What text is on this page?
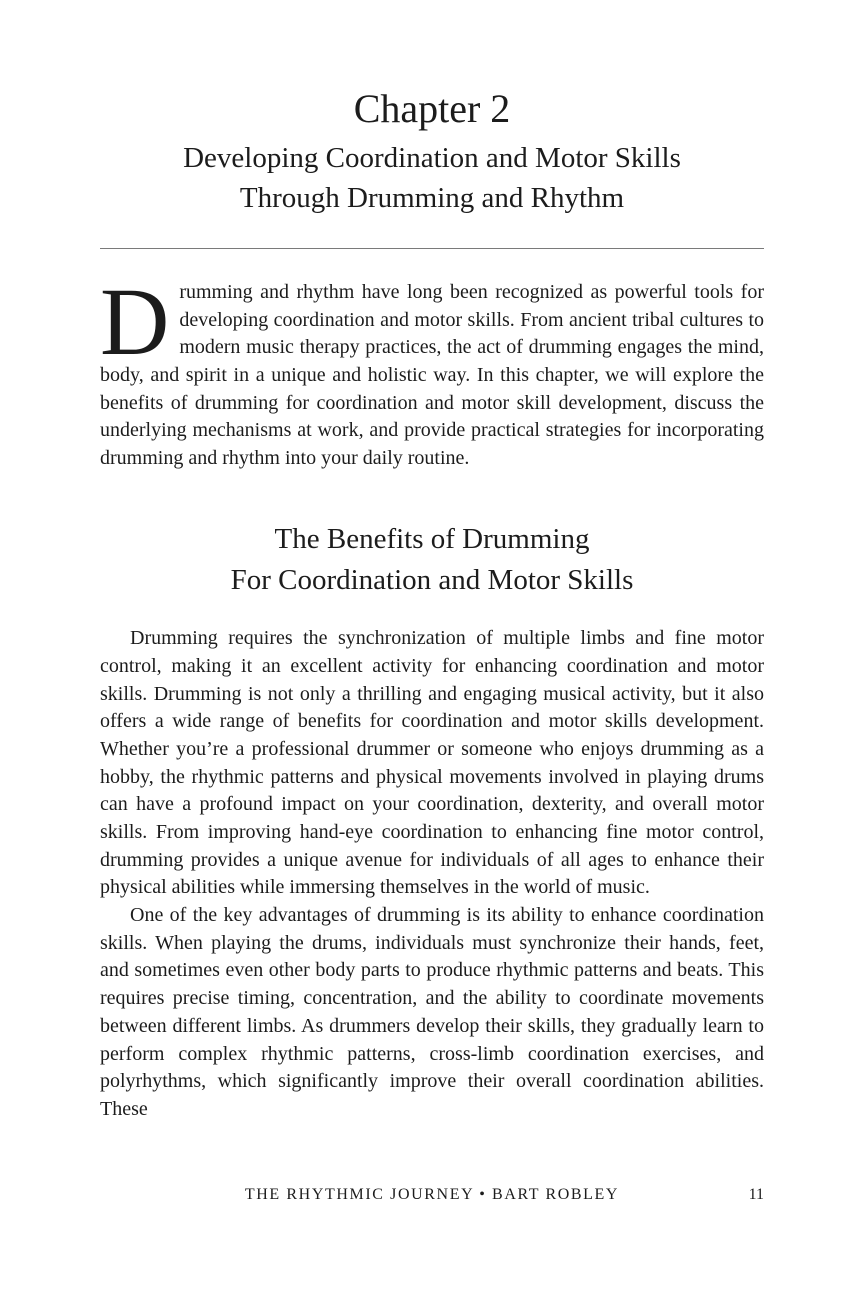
Chapter 2
Developing Coordination and Motor Skills
Through Drumming and Rhythm

Drumming and rhythm have long been recognized as powerful tools for developing coordination and motor skills. From ancient tribal cultures to modern music therapy practices, the act of drumming engages the mind, body, and spirit in a unique and holistic way. In this chapter, we will explore the benefits of drumming for coordination and motor skill development, discuss the underlying mechanisms at work, and provide practical strategies for incorporating drumming and rhythm into your daily routine.

The Benefits of Drumming
For Coordination and Motor Skills

Drumming requires the synchronization of multiple limbs and fine motor control, making it an excellent activity for enhancing coordination and motor skills. Drumming is not only a thrilling and engaging musical activity, but it also offers a wide range of benefits for coordination and motor skills development. Whether you’re a professional drummer or someone who enjoys drumming as a hobby, the rhythmic patterns and physical movements involved in playing drums can have a profound impact on your coordination, dexterity, and overall motor skills. From improving hand-eye coordination to enhancing fine motor control, drumming provides a unique avenue for individuals of all ages to enhance their physical abilities while immersing themselves in the world of music.

One of the key advantages of drumming is its ability to enhance coordination skills. When playing the drums, individuals must synchronize their hands, feet, and sometimes even other body parts to produce rhythmic patterns and beats. This requires precise timing, concentration, and the ability to coordinate movements between different limbs. As drummers develop their skills, they gradually learn to perform complex rhythmic patterns, cross-limb coordination exercises, and polyrhythms, which significantly improve their overall coordination abilities. These

THE RHYTHMIC JOURNEY • BART ROBLEY	11
